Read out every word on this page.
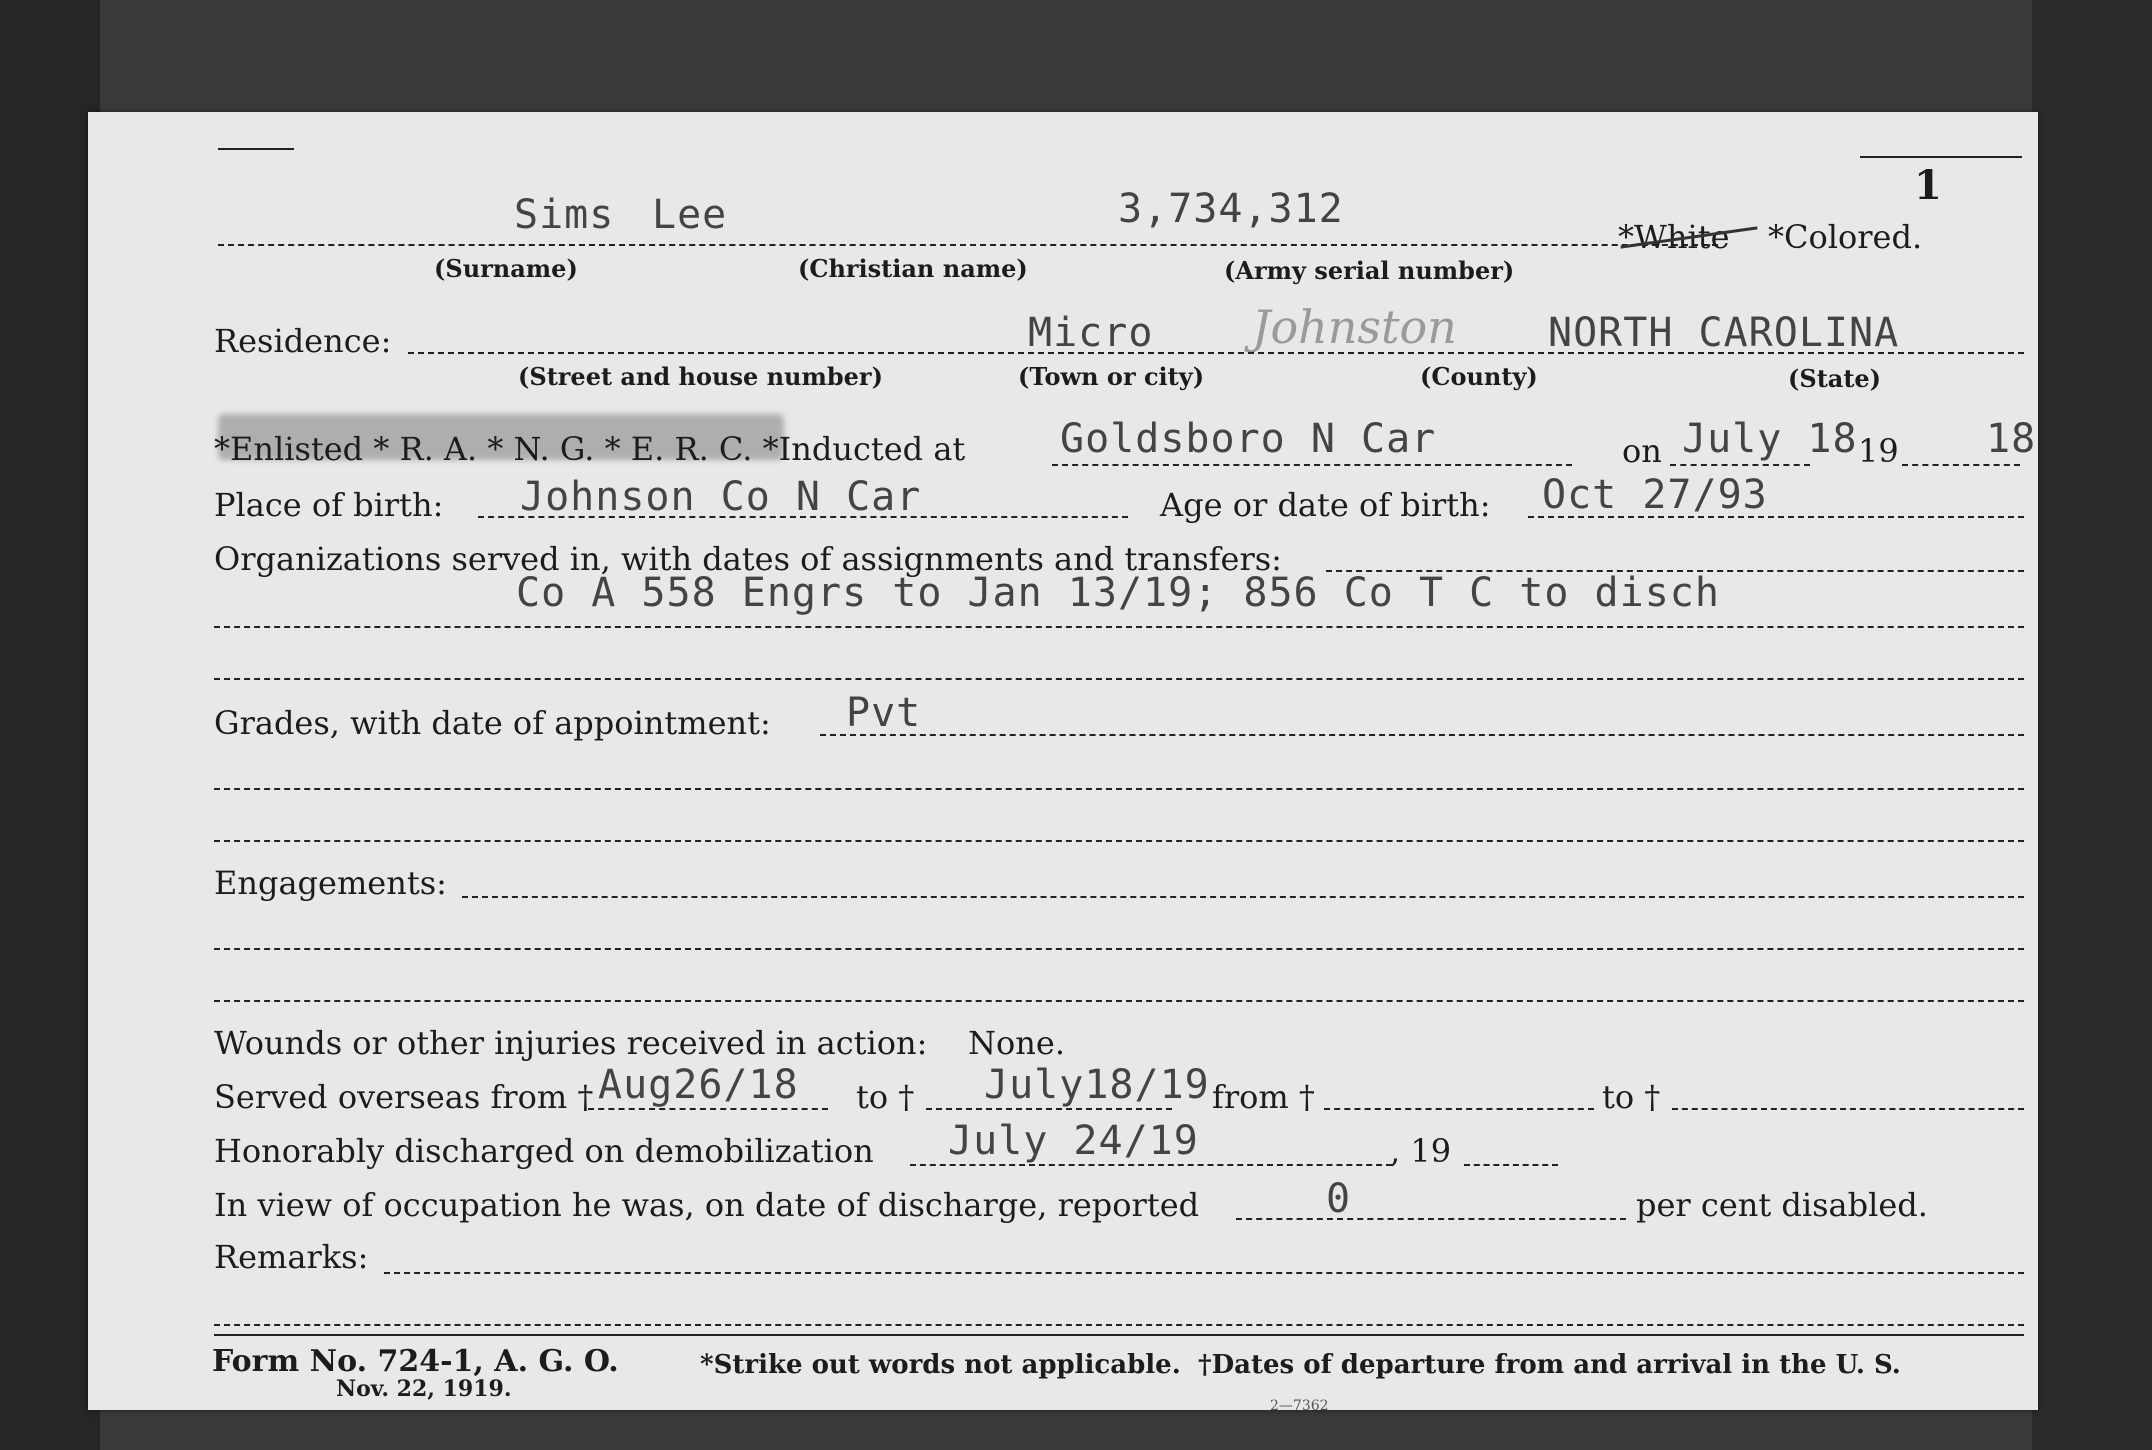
1
Sims Lee	3,734,312
*White *Colored.
(Surname)	(Christian name)	(Army serial number)
Residence:	Micro Johnston NORTH CAROLINA
(Street and house number)	(Town or city)	(County)	(State)
*Enlisted * R. A. * N. G. * E. R. C. *Inducted at Goldsboro N Car	on July 18 19 18
Place of birth: Johnson Co N Car	Age or date of birth: Oct 27/93
Organizations served in, with dates of assignments and transfers:
Co A 558 Engrs to Jan 13/19; 856 Co T C to disch
Grades, with date of appointment: Pvt
Engagements:
Wounds or other injuries received in action: None.
Served overseas from † Aug26/18 to † July18/19 from †	to †
Honorably discharged on demobilization July 24/19	, 19
In view of occupation he was, on date of discharge, reported	0	per cent disabled.
Remarks:
Form No. 724-1, A. G. O.
Nov. 22, 1919.
*Strike out words not applicable. †Dates of departure from and arrival in the U. S.
2—7362
